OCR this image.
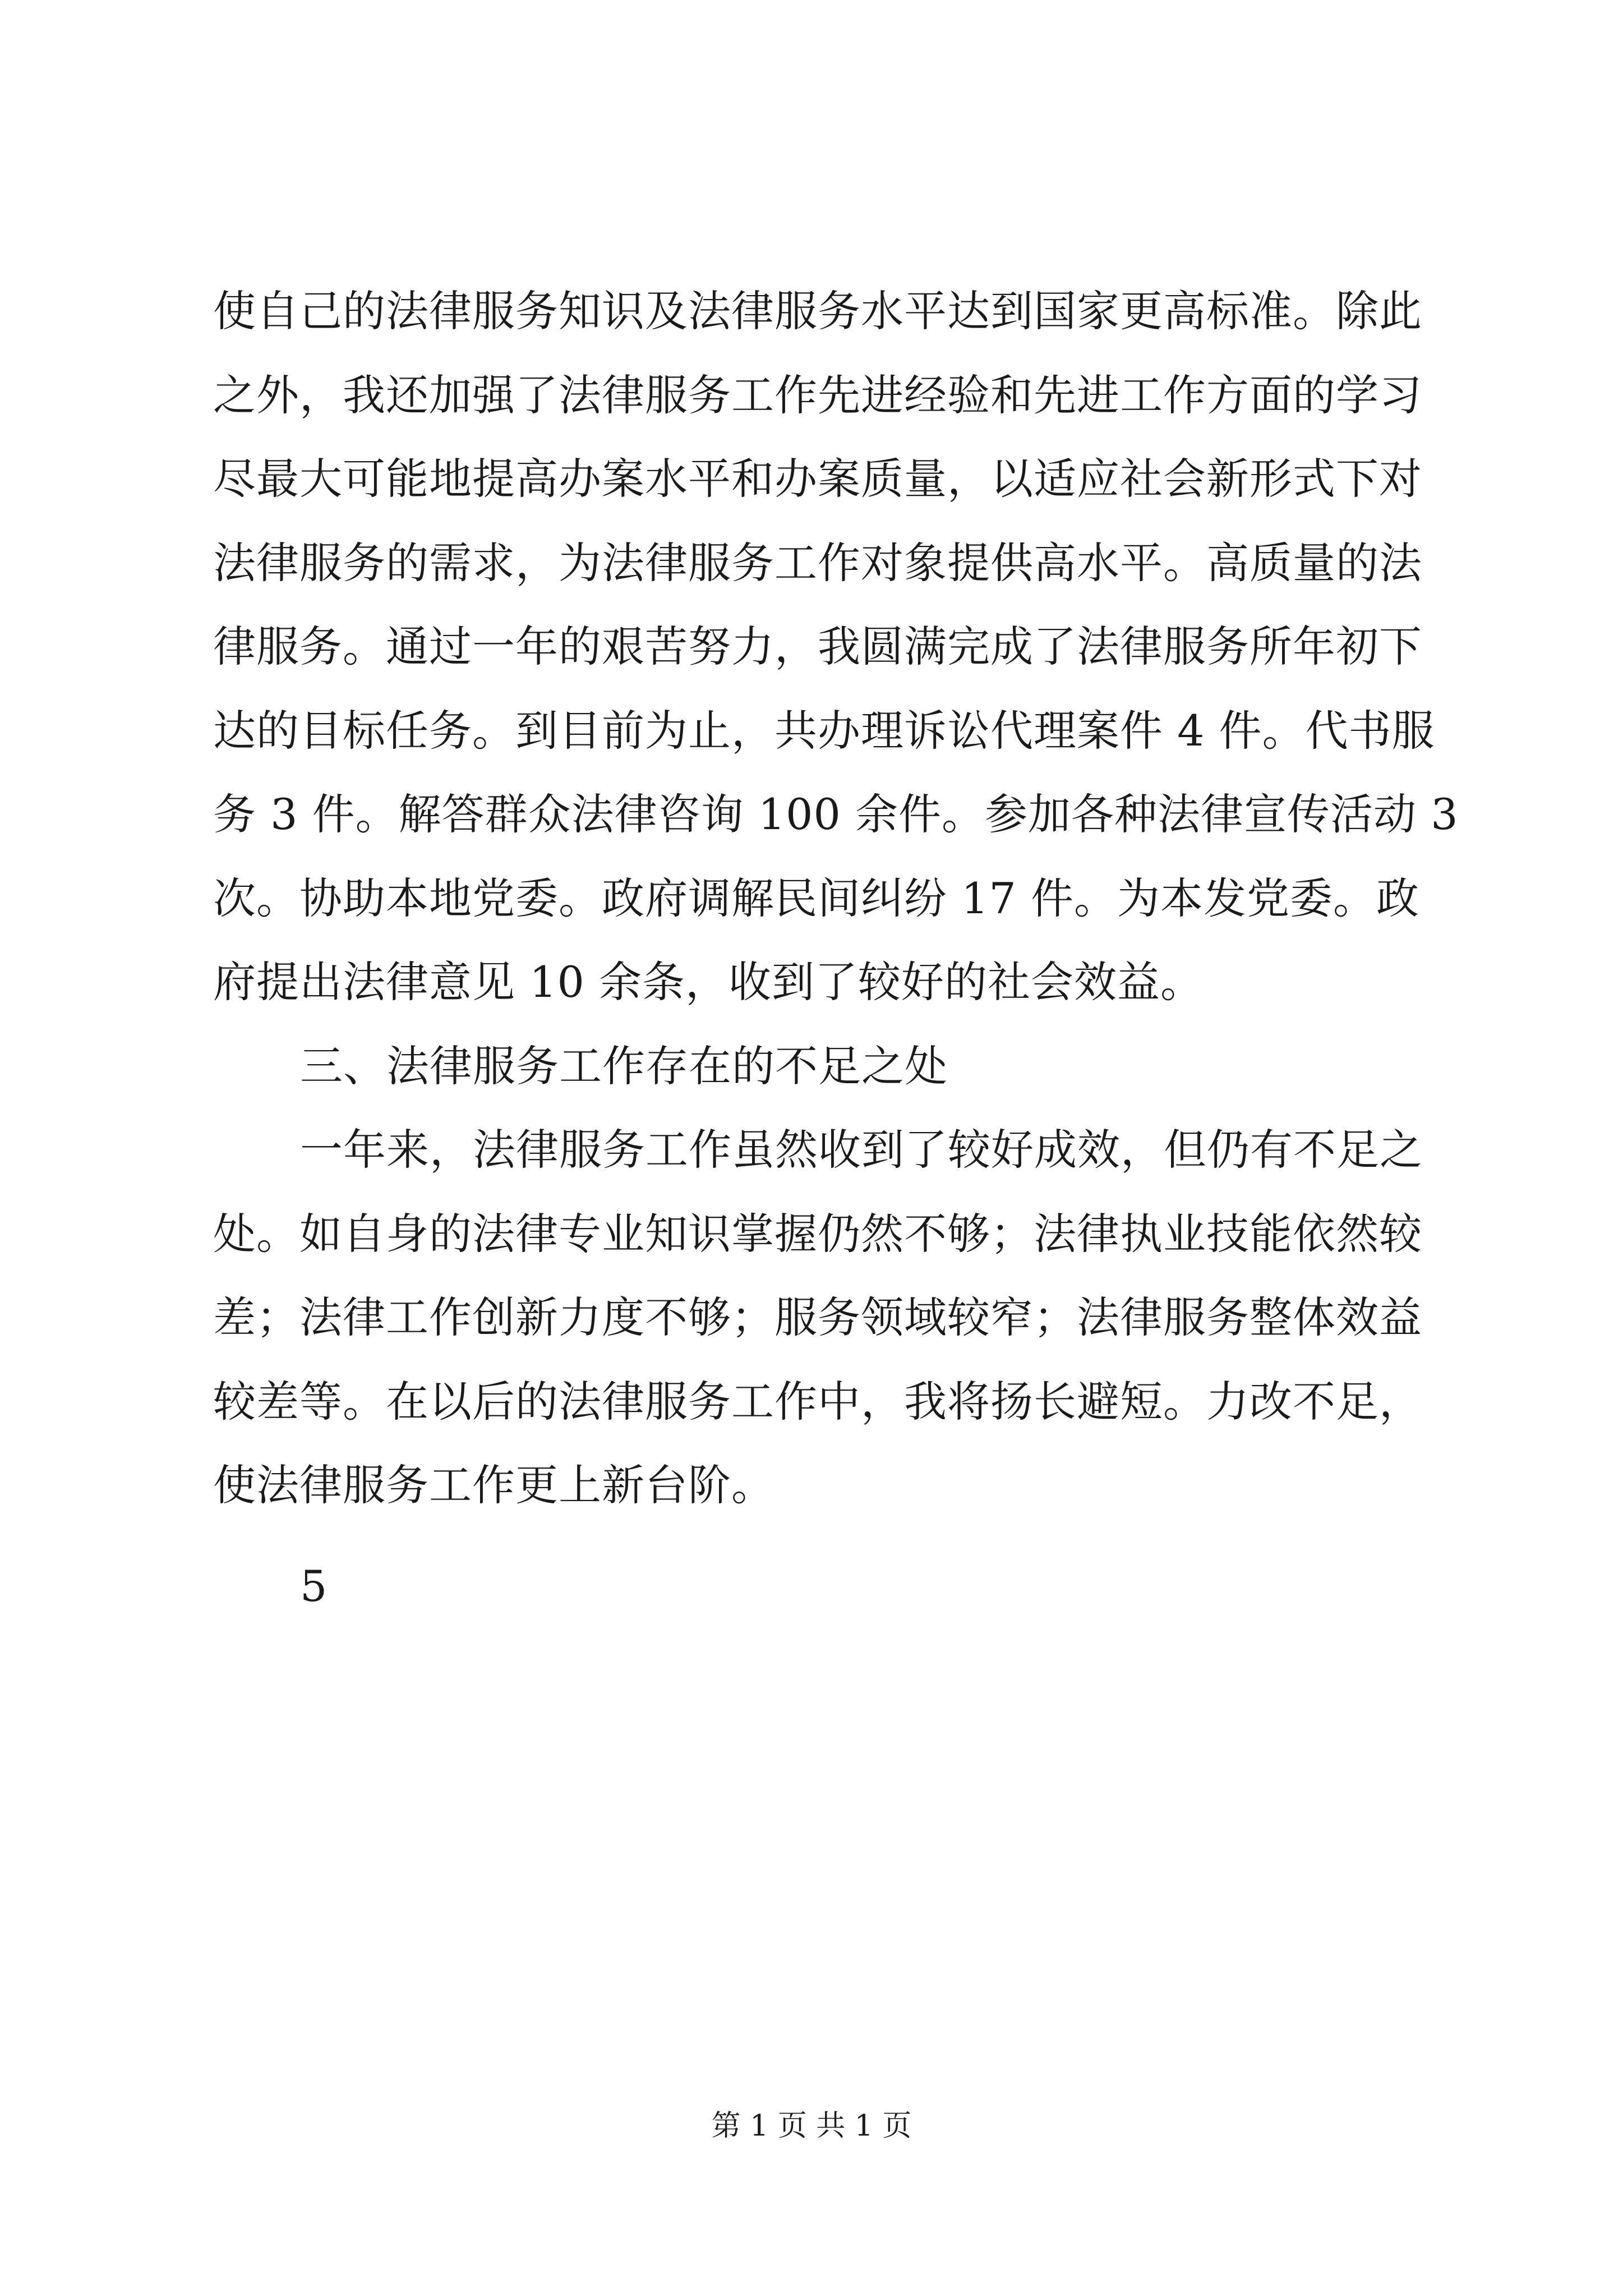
使自己的法律服务知识及法律服务水平达到国家更高标准。除此
之外，我还加强了法律服务工作先进经验和先进工作方面的学习
尽最大可能地提高办案水平和办案质量，以适应社会新形式下对
法律服务的需求，为法律服务工作对象提供高水平。高质量的法
律服务。通过一年的艰苦努力，我圆满完成了法律服务所年初下
达的目标任务。到目前为止，共办理诉讼代理案件 4 件。代书服
务 3 件。解答群众法律咨询 100 余件。参加各种法律宣传活动 3
次。协助本地党委。政府调解民间纠纷 17 件。为本发党委。政
府提出法律意见 10 余条，收到了较好的社会效益。
三、法律服务工作存在的不足之处
一年来，法律服务工作虽然收到了较好成效，但仍有不足之
处。如自身的法律专业知识掌握仍然不够；法律执业技能依然较
差；法律工作创新力度不够；服务领域较窄；法律服务整体效益
较差等。在以后的法律服务工作中，我将扬长避短。力改不足，
使法律服务工作更上新台阶。
5
第 1 页 共 1 页
